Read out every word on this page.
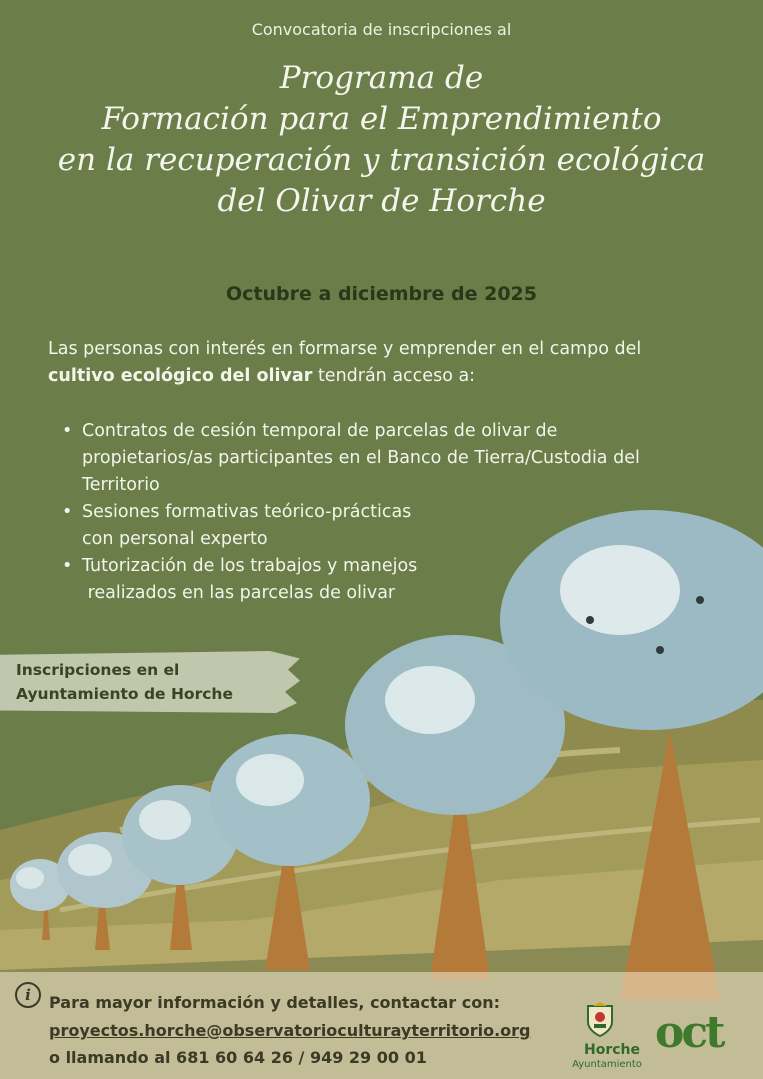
Convocatoria de inscripciones al
Programa de
Formación para el Emprendimiento
en la recuperación y transición ecológica
del Olivar de Horche
Octubre a diciembre de 2025
Las personas con interés en formarse y emprender en el campo del
cultivo ecológico del olivar tendrán acceso a:
• Contratos de cesión temporal de parcelas de olivar de
propietarios/as participantes en el Banco de Tierra/Custodia del
Territorio
• Sesiones formativas teórico-prácticas
con personal experto
• Tutorización de los trabajos y manejos
realizados en las parcelas de olivar
Inscripciones en el
Ayuntamiento de Horche
i	Para mayor información y detalles, contactar con:
proyectos.horche@observatorioculturayterritorio.org
o llamando al 681 60 64 26 / 949 29 00 01	Horche
Ayuntamiento
oct
